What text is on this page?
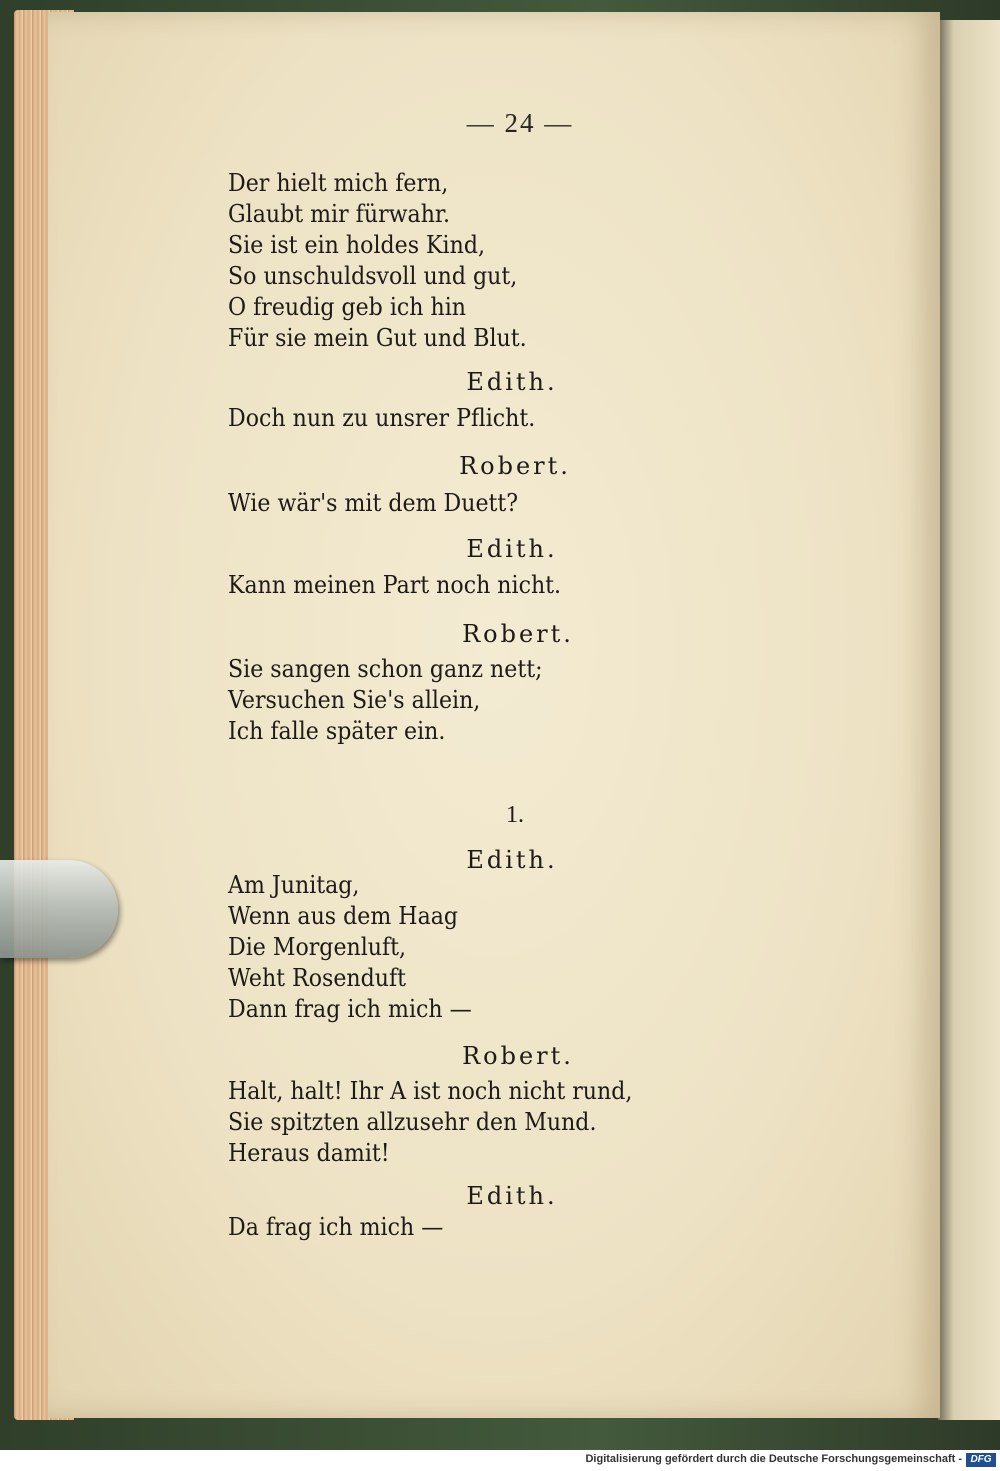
— 24 —
Der hielt mich fern,
Glaubt mir fürwahr.
Sie ist ein holdes Kind,
So unschuldsvoll und gut,
O freudig geb ich hin
Für sie mein Gut und Blut.
Edith.
Doch nun zu unsrer Pflicht.
Robert.
Wie wär's mit dem Duett?
Edith.
Kann meinen Part noch nicht.
Robert.
Sie sangen schon ganz nett;
Versuchen Sie's allein,
Ich falle später ein.
1.
Edith.
Am Junitag,
Wenn aus dem Haag
Die Morgenluft,
Weht Rosenduft
Dann frag ich mich —
Robert.
Halt, halt! Ihr A ist noch nicht rund,
Sie spitzten allzusehr den Mund.
Heraus damit!
Edith.
Da frag ich mich —
Digitalisierung gefördert durch die Deutsche Forschungsgemeinschaft - DFG
